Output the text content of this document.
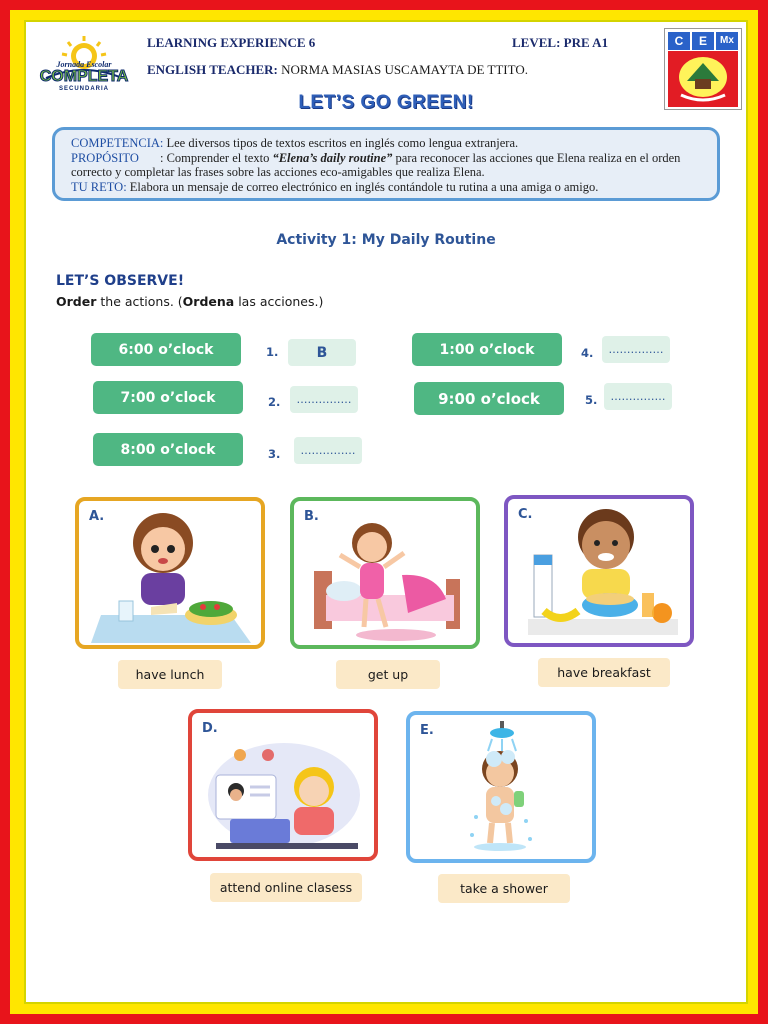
Jornada Escolar
COMPLETA
SECUNDARIA
LEARNING EXPERIENCE 6	LEVEL: PRE A1
ENGLISH TEACHER: NORMA MASIAS USCAMAYTA DE TTITO.
C	E	Mx
LET’S GO GREEN!
COMPETENCIA: Lee diversos tipos de textos escritos en inglés como lengua extranjera.
PROPÓSITO : Comprender el texto “Elena’s daily routine” para reconocer las acciones que Elena realiza en el orden
correcto y completar las frases sobre las acciones eco-amigables que realiza Elena.
TU RETO: Elabora un mensaje de correo electrónico en inglés contándole tu rutina a una amiga o amigo.
Activity 1: My Daily Routine
LET’S OBSERVE!
Order the actions. (Ordena las acciones.)
6:00 o’clock	1.	B
7:00 o’clock	2.	……………
8:00 o’clock	3.	……………
1:00 o’clock	4.	……………
9:00 o’clock	5.	……………
A.
have lunch
B.
get up
C.
have breakfast
D.
attend online clasess
E.
take a shower
